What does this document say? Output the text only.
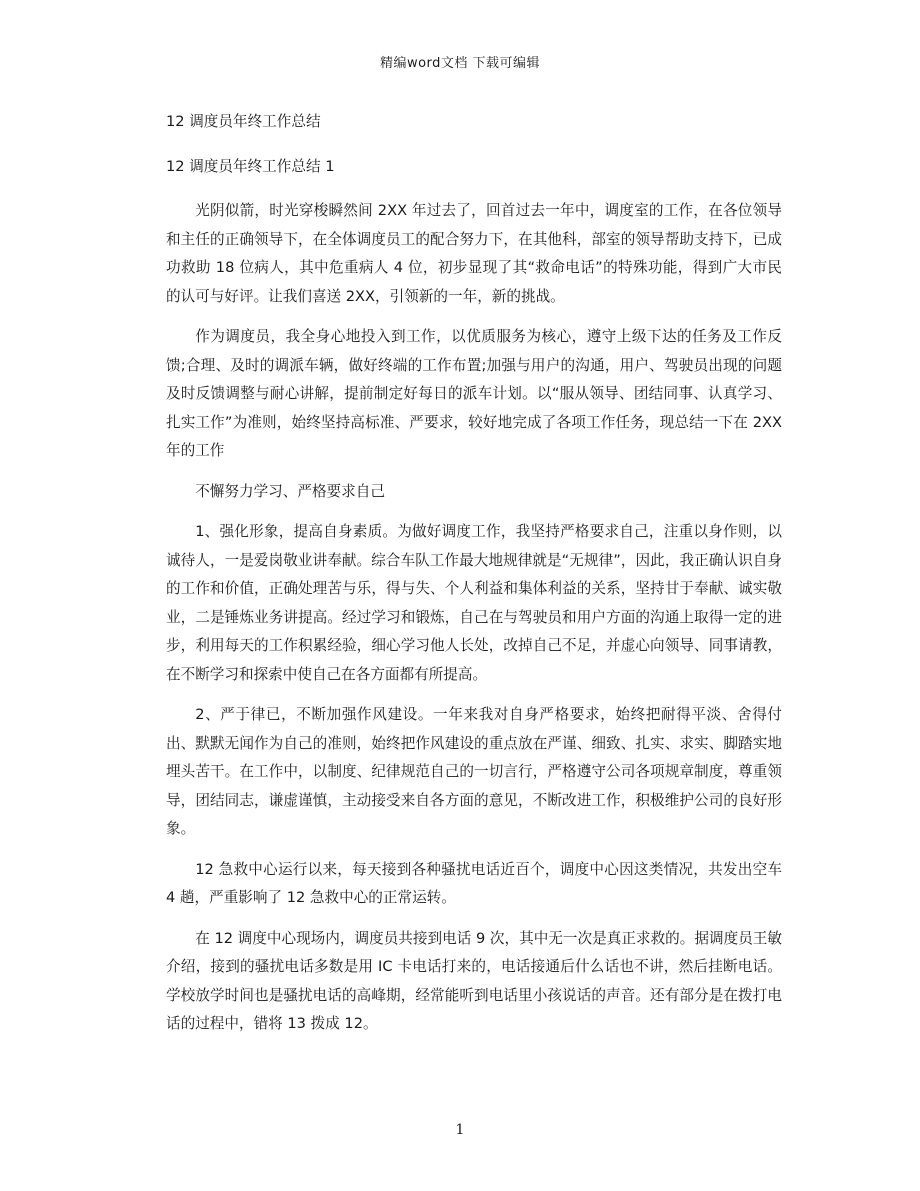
精编word文档 下载可编辑

12 调度员年终工作总结

12 调度员年终工作总结 1

光阴似箭，时光穿梭瞬然间 2XX 年过去了，回首过去一年中，调度室的工作，在各位领导和主任的正确领导下，在全体调度员工的配合努力下，在其他科，部室的领导帮助支持下，已成功救助 18 位病人，其中危重病人 4 位，初步显现了其“救命电话”的特殊功能，得到广大市民的认可与好评。让我们喜送 2XX，引领新的一年，新的挑战。

作为调度员，我全身心地投入到工作，以优质服务为核心，遵守上级下达的任务及工作反馈;合理、及时的调派车辆，做好终端的工作布置;加强与用户的沟通，用户、驾驶员出现的问题及时反馈调整与耐心讲解，提前制定好每日的派车计划。以“服从领导、团结同事、认真学习、扎实工作”为准则，始终坚持高标准、严要求，较好地完成了各项工作任务，现总结一下在 2XX 年的工作

不懈努力学习、严格要求自己

1、强化形象，提高自身素质。为做好调度工作，我坚持严格要求自己，注重以身作则，以诚待人，一是爱岗敬业讲奉献。综合车队工作最大地规律就是“无规律”，因此，我正确认识自身的工作和价值，正确处理苦与乐，得与失、个人利益和集体利益的关系，坚持甘于奉献、诚实敬业，二是锤炼业务讲提高。经过学习和锻炼，自己在与驾驶员和用户方面的沟通上取得一定的进步，利用每天的工作积累经验，细心学习他人长处，改掉自己不足，并虚心向领导、同事请教，在不断学习和探索中使自己在各方面都有所提高。

2、严于律已，不断加强作风建设。一年来我对自身严格要求，始终把耐得平淡、舍得付出、默默无闻作为自己的准则，始终把作风建设的重点放在严谨、细致、扎实、求实、脚踏实地埋头苦干。在工作中，以制度、纪律规范自己的一切言行，严格遵守公司各项规章制度，尊重领导，团结同志，谦虚谨慎，主动接受来自各方面的意见，不断改进工作，积极维护公司的良好形象。

12 急救中心运行以来，每天接到各种骚扰电话近百个，调度中心因这类情况，共发出空车 4 趟，严重影响了 12 急救中心的正常运转。

在 12 调度中心现场内，调度员共接到电话 9 次，其中无一次是真正求救的。据调度员王敏介绍，接到的骚扰电话多数是用 IC 卡电话打来的，电话接通后什么话也不讲，然后挂断电话。学校放学时间也是骚扰电话的高峰期，经常能听到电话里小孩说话的声音。还有部分是在拨打电话的过程中，错将 13 拨成 12。

1
